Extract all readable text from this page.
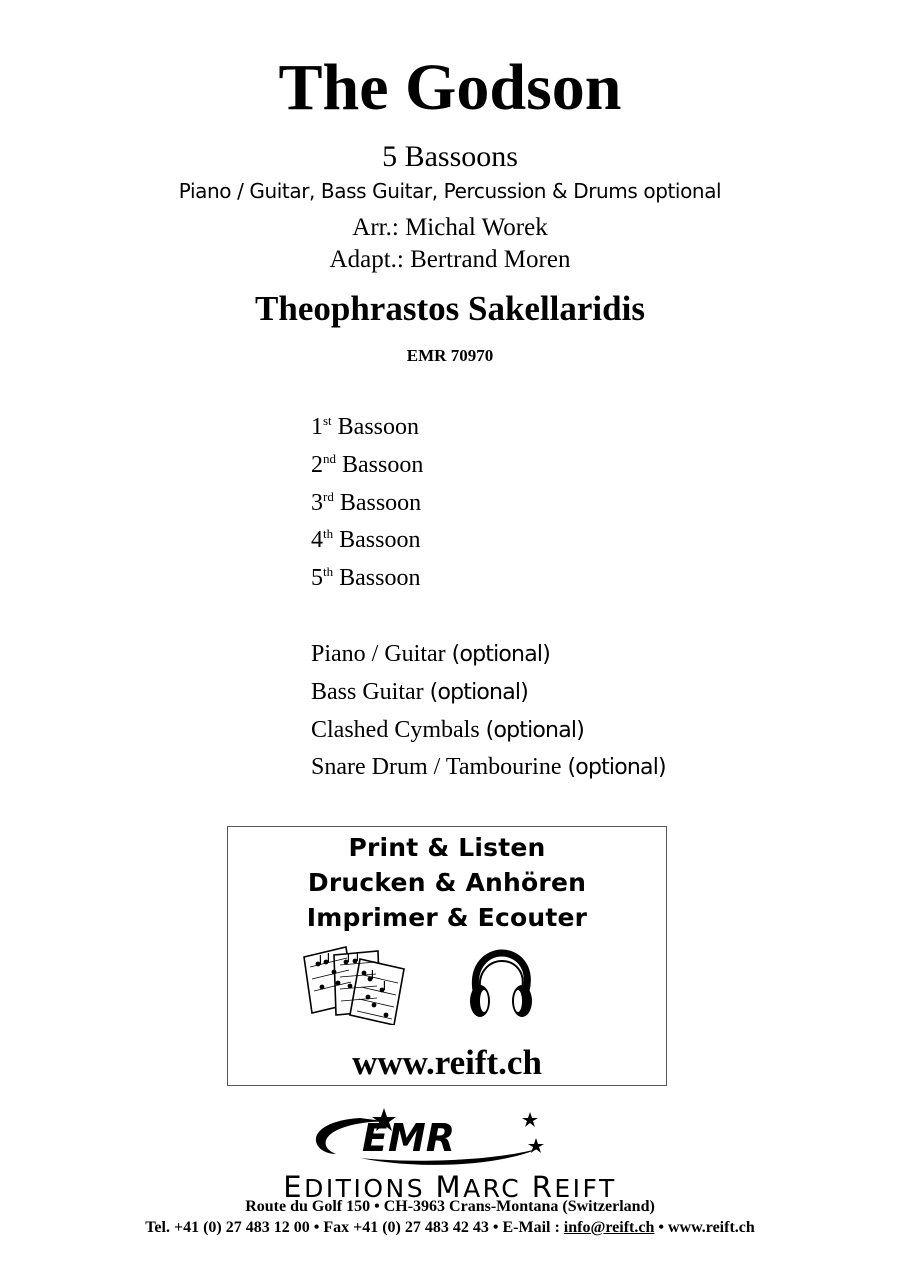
The Godson
5 Bassoons
Piano / Guitar, Bass Guitar, Percussion & Drums optional
Arr.: Michal Worek
Adapt.: Bertrand Moren
Theophrastos Sakellaridis
EMR 70970
1st Bassoon
2nd Bassoon
3rd Bassoon
4th Bassoon
5th Bassoon
Piano / Guitar (optional)
Bass Guitar (optional)
Clashed Cymbals (optional)
Snare Drum / Tambourine (optional)
Print & Listen
Drucken & Anhören
Imprimer & Ecouter
www.reift.ch
EMR
EDITIONS MARC REIFT
Route du Golf 150 • CH-3963 Crans-Montana (Switzerland)
Tel. +41 (0) 27 483 12 00 • Fax +41 (0) 27 483 42 43 • E-Mail : info@reift.ch • www.reift.ch
